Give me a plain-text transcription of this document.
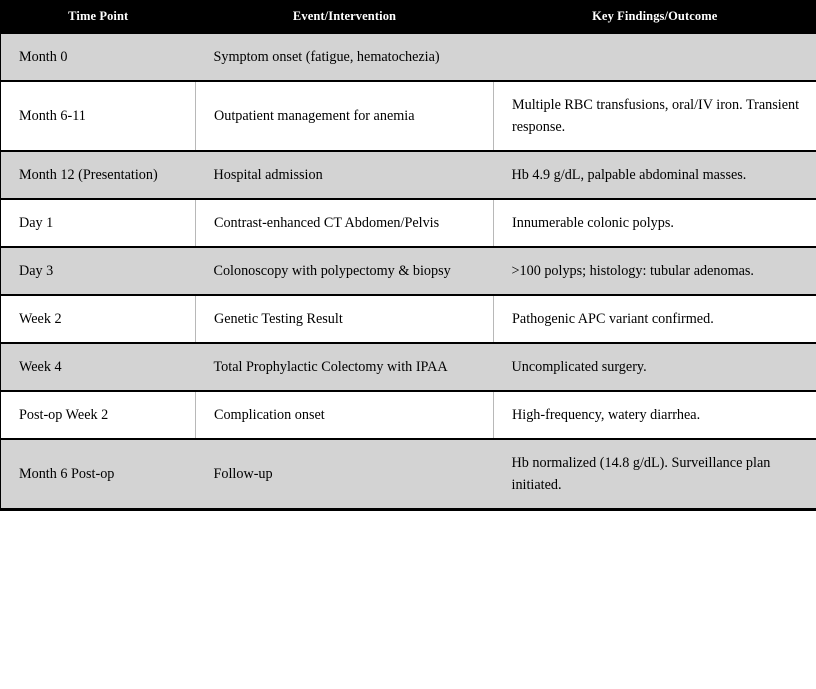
Time Point	Event/Intervention	Key Findings/Outcome
Month 0	Symptom onset (fatigue, hematochezia)	
Month 6-11	Outpatient management for anemia	Multiple RBC transfusions, oral/IV iron. Transient response.
Month 12 (Presentation)	Hospital admission	Hb 4.9 g/dL, palpable abdominal masses.
Day 1	Contrast-enhanced CT Abdomen/Pelvis	Innumerable colonic polyps.
Day 3	Colonoscopy with polypectomy & biopsy	>100 polyps; histology: tubular adenomas.
Week 2	Genetic Testing Result	Pathogenic APC variant confirmed.
Week 4	Total Prophylactic Colectomy with IPAA	Uncomplicated surgery.
Post-op Week 2	Complication onset	High-frequency, watery diarrhea.
Month 6 Post-op	Follow-up	Hb normalized (14.8 g/dL). Surveillance plan initiated.
